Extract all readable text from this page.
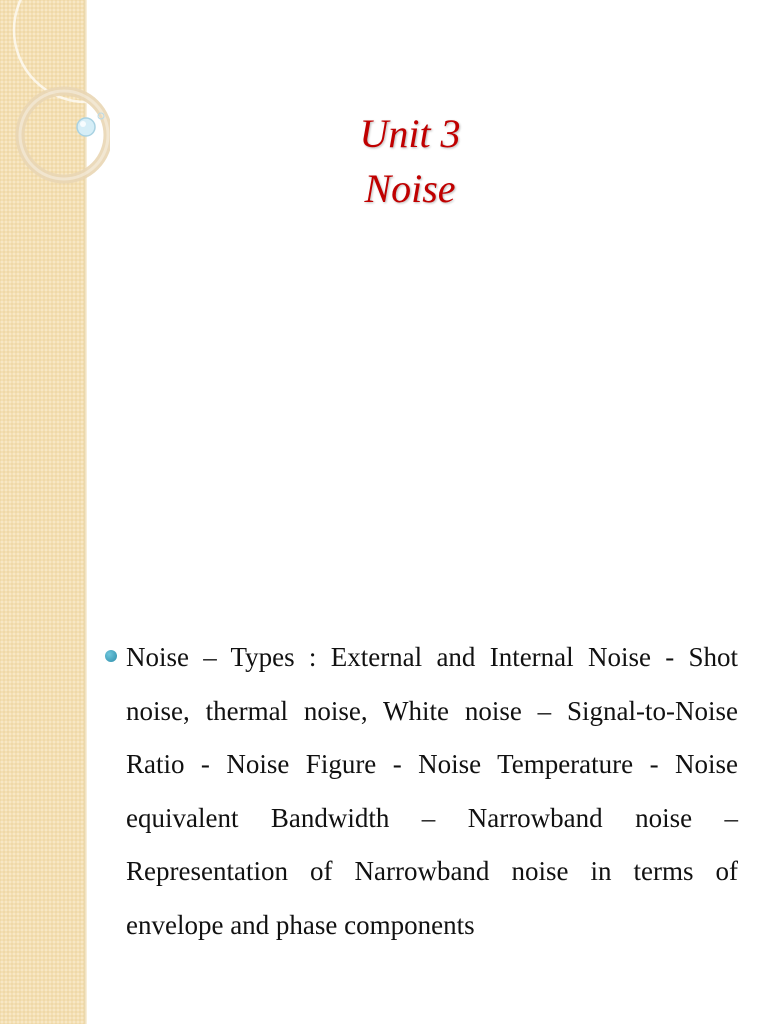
Unit 3
Noise
Noise – Types : External and Internal Noise - Shot noise, thermal noise, White noise – Signal-to-Noise Ratio - Noise Figure - Noise Temperature - Noise equivalent Bandwidth – Narrowband noise – Representation of Narrowband noise in terms of envelope and phase components
